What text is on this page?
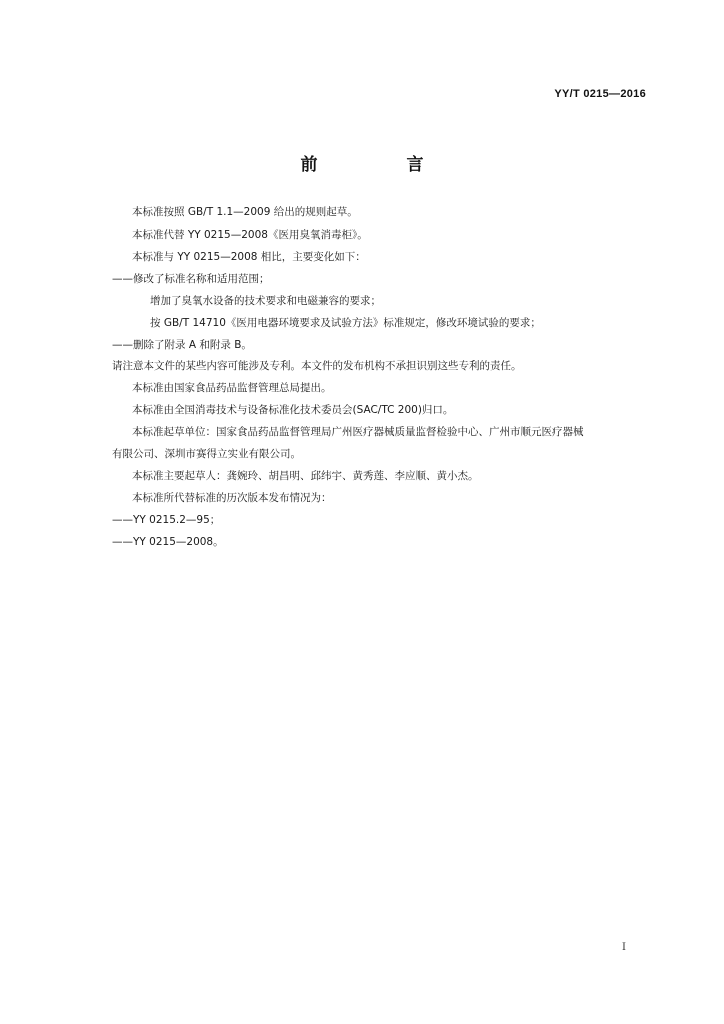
YY/T 0215—2016
前　言
本标准按照 GB/T 1.1—2009 给出的规则起草。
本标准代替 YY 0215—2008《医用臭氧消毒柜》。
本标准与 YY 0215—2008 相比，主要变化如下：
——修改了标准名称和适用范围；
增加了臭氧水设备的技术要求和电磁兼容的要求；
按 GB/T 14710《医用电器环境要求及试验方法》标准规定，修改环境试验的要求；
——删除了附录 A 和附录 B。
请注意本文件的某些内容可能涉及专利。本文件的发布机构不承担识别这些专利的责任。
本标准由国家食品药品监督管理总局提出。
本标准由全国消毒技术与设备标准化技术委员会(SAC/TC 200)归口。
本标准起草单位：国家食品药品监督管理局广州医疗器械质量监督检验中心、广州市顺元医疗器械
有限公司、深圳市赛得立实业有限公司。
本标准主要起草人：龚婉玲、胡昌明、邱纬宇、黄秀莲、李应顺、黄小杰。
本标准所代替标准的历次版本发布情况为：
——YY 0215.2—95；
——YY 0215—2008。
I
